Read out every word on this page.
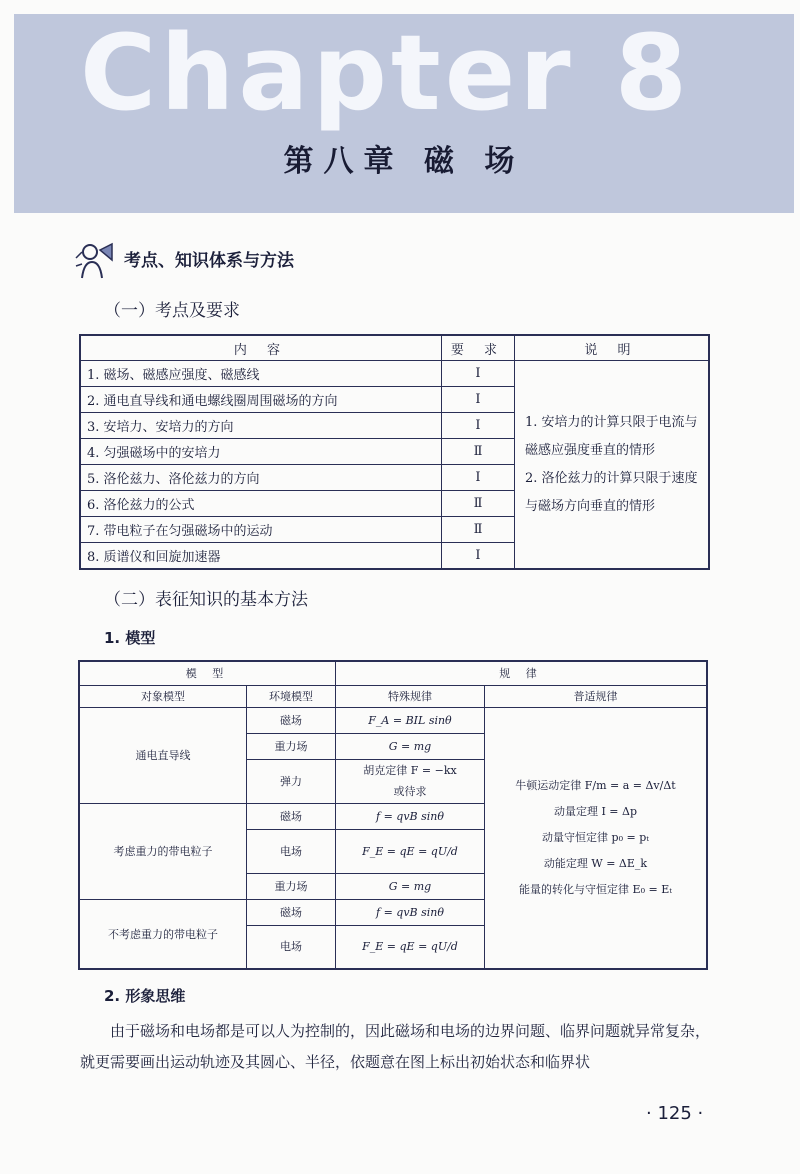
Chapter 8
第八章 磁 场
考点、知识体系与方法
（一）考点及要求
内 容	要 求	说 明
1. 磁场、磁感应强度、磁感线	Ⅰ	1. 安培力的计算只限于电流与磁感应强度垂直的情形
2. 洛伦兹力的计算只限于速度与磁场方向垂直的情形

2. 通电直导线和通电螺线圈周围磁场的方向	Ⅰ	
3. 安培力、安培力的方向	Ⅰ	
4. 匀强磁场中的安培力	Ⅱ	
5. 洛伦兹力、洛伦兹力的方向	Ⅰ	
6. 洛伦兹力的公式	Ⅱ	
7. 带电粒子在匀强磁场中的运动	Ⅱ	
8. 质谱仪和回旋加速器	Ⅰ	
（二）表征知识的基本方法
1. 模型
模 型		规 律	
对象模型	环境模型	特殊规律	普适规律
通电直导线	磁场	F_A = BIL sinθ	牛顿运动定律 F/m = a = Δv/Δt
动量定理 I = Δp
动量守恒定律 p₀ = pₜ
动能定理 W = ΔE_k
能量的转化与守恒定律 E₀ = Eₜ

	重力场	G = mg	
	弹力	胡克定律 F = −kx
或待求	

考虑重力的带电粒子	磁场	f = qvB sinθ	
	电场	F_E = qE = qU/d	
	重力场	G = mg	
不考虑重力的带电粒子	磁场	f = qvB sinθ	
	电场	F_E = qE = qU/d	
2. 形象思维
由于磁场和电场都是可以人为控制的，因此磁场和电场的边界问题、临界问题就异常复杂，就更需要画出运动轨迹及其圆心、半径，依题意在图上标出初始状态和临界状
· 125 ·
